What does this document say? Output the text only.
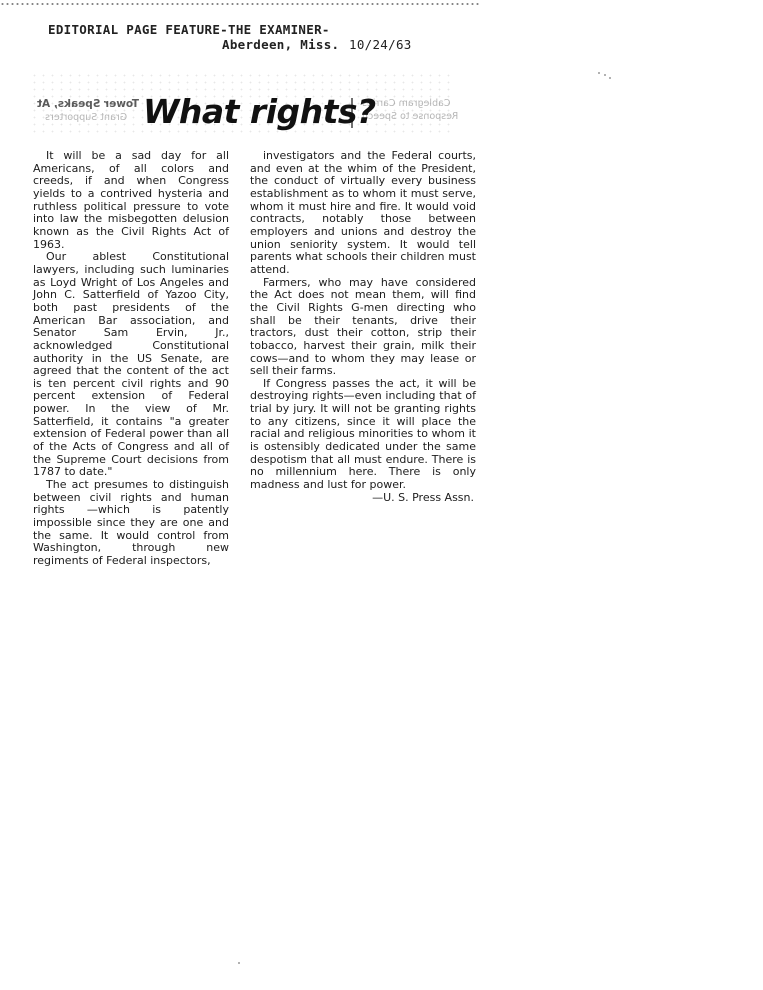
EDITORIAL PAGE FEATURE-THE EXAMINER-
Aberdeen, Miss. 10/24/63
Tower Speaks, At
Grant Supporters
Cablegram Carries
Response to Speech
What rights?

It will be a sad day for all Americans, of all colors and creeds, if and when Congress yields to a contrived hysteria and ruthless political pressure to vote into law the misbegotten delusion known as the Civil Rights Act of 1963.

Our ablest Constitutional lawyers, including such luminaries as Loyd Wright of Los Angeles and John C. Satterfield of Yazoo City, both past presidents of the American Bar association, and Senator Sam Ervin, Jr., acknowledged Constitutional authority in the US Senate, are agreed that the content of the act is ten percent civil rights and 90 percent extension of Federal power. In the view of Mr. Satterfield, it contains "a greater extension of Federal power than all of the Acts of Congress and all of the Supreme Court decisions from 1787 to date."

The act presumes to distinguish between civil rights and human rights —which is patently impossible since they are one and the same. It would control from Washington, through new regiments of Federal inspectors,

investigators and the Federal courts, and even at the whim of the President, the conduct of virtually every business establishment as to whom it must serve, whom it must hire and fire. It would void contracts, notably those between employers and unions and destroy the union seniority system. It would tell parents what schools their children must attend.

Farmers, who may have considered the Act does not mean them, will find the Civil Rights G-men directing who shall be their tenants, drive their tractors, dust their cotton, strip their tobacco, harvest their grain, milk their cows—and to whom they may lease or sell their farms.

If Congress passes the act, it will be destroying rights—even including that of trial by jury. It will not be granting rights to any citizens, since it will place the racial and religious minorities to whom it is ostensibly dedicated under the same despotism that all must endure. There is no millennium here. There is only madness and lust for power.

—U. S. Press Assn.
